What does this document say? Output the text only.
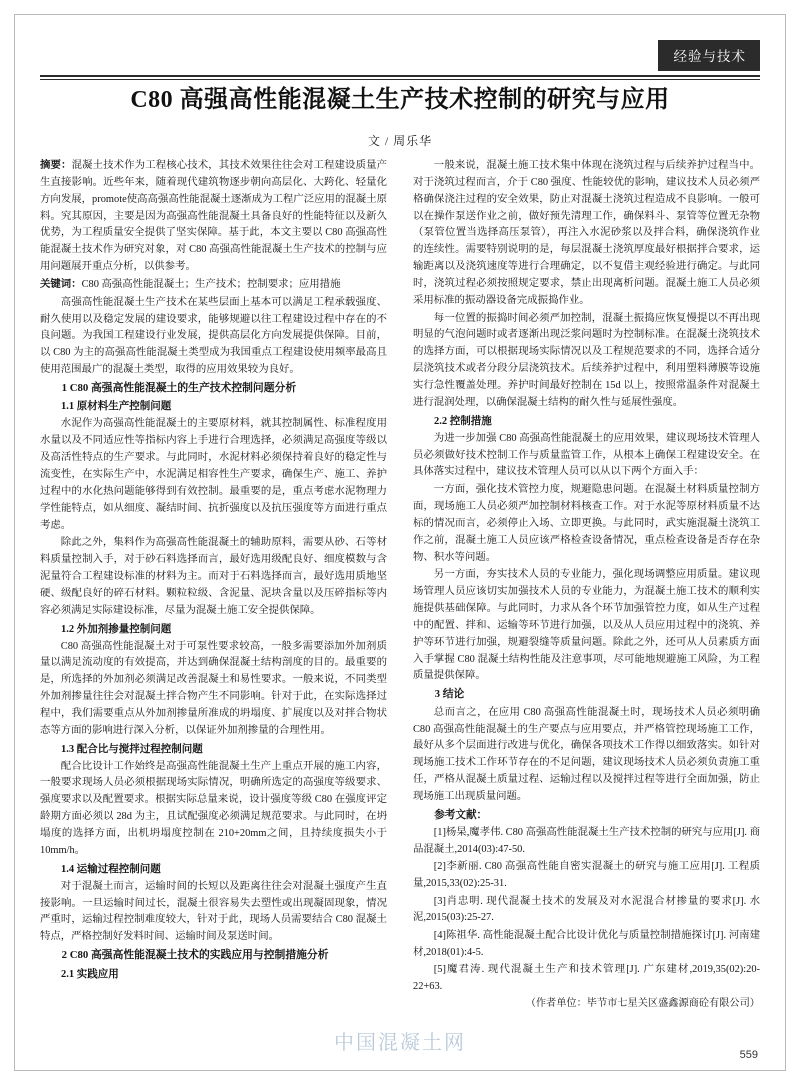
经验与技术
C80 高强高性能混凝土生产技术控制的研究与应用
文 / 周乐华

摘要：混凝土技术作为工程核心技术，其技术效果往往会对工程建设质量产生直接影响。近些年来，随着现代建筑物逐步朝向高层化、大跨化、轻量化方向发展，promote使高高强高性能混凝土逐渐成为工程广泛应用的混凝土原料。究其原因，主要是因为高强高性能混凝土具备良好的性能特征以及新久优势，为工程质量安全提供了坚实保障。基于此，本文主要以 C80 高强高性能混凝土技术作为研究对象，对 C80 高强高性能混凝土生产技术的控制与应用问题展开重点分析，以供参考。

关键词：C80 高强高性能混凝土；生产技术；控制要求；应用措施

高强高性能混凝土生产技术在某些层面上基本可以满足工程承载强度、耐久使用以及稳定发展的建设要求，能够规避以往工程建设过程中存在的不良问题。为我国工程建设行业发展，提供高层化方向发展提供保障。目前，以 C80 为主的高强高性能混凝土类型成为我国重点工程建设使用频率最高且使用范围最广的混凝土类型，取得的应用效果较为良好。

1 C80 高强高性能混凝土的生产技术控制问题分析

1.1 原材料生产控制问题

水泥作为高强高性能混凝土的主要原材料，就其控制属性、标准程度用水量以及不同适应性等指标内容上手进行合理选择，必须满足高强度等级以及高活性特点的生产要求。与此同时，水泥材料必须保持着良好的稳定性与流变性，在实际生产中，水泥满足相容性生产要求，确保生产、施工、养护过程中的水化热问题能够得到有效控制。最重要的是，重点考虑水泥物理力学性能特点，如从细度、凝结时间、抗折强度以及抗压强度等方面进行重点考虑。

除此之外，集料作为高强高性能混凝土的辅助原料，需要从砂、石等材料质量控制入手，对于砂石料选择而言，最好选用级配良好、细度模数与含泥量符合工程建设标准的材料为主。而对于石料选择而言，最好选用质地坚硬、级配良好的碎石材料。颗粒粒级、含泥量、泥块含量以及压碎指标等内容必须满足实际建设标准，尽量为混凝土施工安全提供保障。

1.2 外加剂掺量控制问题

C80 高强高性能混凝土对于可泵性要求较高，一般多需要添加外加剂质量以满足流动度的有效提高，并达到确保混凝土结构剖度的目的。最重要的是，所选择的外加剂必须满足改善混凝土和易性要求。一般来说，不同类型外加剂掺量往往会对混凝土拌合物产生不同影响。针对于此，在实际选择过程中，我们需要重点从外加剂掺量所准成的坍塌度、扩展度以及对拌合物状态等方面的影响进行深入分析，以保证外加剂掺量的合理性用。

1.3 配合比与搅拌过程控制问题

配合比设计工作始终是高强高性能混凝土生产上重点开展的施工内容，一般要求现场人员必须根据现场实际情况，明确所选定的高强度等级要求、强度要求以及配置要求。根据实际总量来说，设计强度等级 C80 在强度评定龄期方面必须以 28d 为主，且试配强度必须满足规范要求。与此同时，在坍塌度的选择方面，出机坍塌度控制在 210+20mm之间，且持续度损失小于 10mm/h。

1.4 运输过程控制问题

对于混凝土而言，运输时间的长短以及距离往往会对混凝土强度产生直接影响。一旦运输时间过长，混凝土很容易失去塑性或出现凝固现象，情况严重时，运输过程控制难度较大，针对于此，现场人员需要结合 C80 混凝土特点，严格控制好发料时间、运输时间及泵送时间。

2 C80 高强高性能混凝土技术的实践应用与控制措施分析

2.1 实践应用

一般来说，混凝土施工技术集中体现在浇筑过程与后续养护过程当中。对于浇筑过程而言，介于 C80 强度、性能较优的影响，建议技术人员必须严格确保浇注过程的安全效果，防止对混凝土浇筑过程造成不良影响。一般可以在操作泵送作业之前，做好预先清理工作，确保料斗、泵管等位置无杂物（泵管位置当选择高压泵管），再注入水泥砂浆以及拌合料，确保浇筑作业的连续性。需要特别说明的是，每层混凝土浇筑厚度最好根据拌合要求，运输距离以及浇筑速度等进行合理确定，以不复借主观经验进行确定。与此同时，浇筑过程必须按照规定要求，禁止出现离析问题。混凝土施工人员必须采用标准的振动器设备完成振捣作业。

每一位置的振捣时间必须严加控制，混凝土振捣应恢复慢提以不再出现明显的气泡问题时或者逐渐出现泛浆问题时为控制标准。在混凝土浇筑技术的选择方面，可以根据现场实际情况以及工程规范要求的不同，选择合适分层浇筑技术或者分段分层浇筑技术。后续养护过程中，利用塑料薄膜等设施实行急性覆盖处理。养护时间最好控制在 15d 以上，按照常温条件对混凝土进行混润处理，以确保混凝土结构的耐久性与延展性强度。

2.2 控制措施

为进一步加强 C80 高强高性能混凝土的应用效果，建议现场技术管理人员必须做好技术控制工作与质量监管工作，从根本上确保工程建设安全。在具体落实过程中，建议技术管理人员可以从以下两个方面入手：

一方面，强化技术管控力度，规避隐患问题。在混凝土材料质量控制方面，现场施工人员必须严加控制材料核查工作。对于水泥等原材料质量不达标的情况而言，必须停止入场、立即更换。与此同时，武实施混凝土浇筑工作之前，混凝土施工人员应该严格检查设备情况，重点检查设备是否存在杂物、积水等问题。

另一方面，夯实技术人员的专业能力，强化现场调整应用质量。建议现场管理人员应该切实加强技术人员的专业能力，为混凝土施工技术的顺利实施提供基础保障。与此同时，力求从各个环节加强管控力度，如从生产过程中的配置、拌和、运输等环节进行加强，以及从人员应用过程中的浇筑、养护等环节进行加强，规避裂缝等质量问题。除此之外，还可从人员素质方面入手掌握 C80 混凝土结构性能及注意事项，尽可能地规避施工风险，为工程质量提供保障。

3 结论

总而言之，在应用 C80 高强高性能混凝土时，现场技术人员必须明确 C80 高强高性能混凝土的生产要点与应用要点，并严格管控现场施工工作，最好从多个层面进行改进与优化，确保各项技术工作得以细致落实。如针对现场施工技术工作环节存在的不足问题，建议现场技术人员必须负责施工重任，严格从混凝土质量过程、运输过程以及搅拌过程等进行全面加强，防止现场施工出现质量问题。

参考文献：

[1]杨杲,魔孝伟. C80 高强高性能混凝土生产技术控制的研究与应用[J]. 商品混凝土,2014(03):47-50.

[2]李新丽. C80 高强高性能自密实混凝土的研究与施工应用[J]. 工程质量,2015,33(02):25-31.

[3]肖忠明. 现代混凝土技术的发展及对水泥混合材掺量的要求[J]. 水泥,2015(03):25-27.

[4]陈祖华. 高性能混凝土配合比设计优化与质量控制措施探讨[J]. 河南建材,2018(01):4-5.

[5]魔君涛. 现代混凝土生产和技术管理[J]. 广东建材,2019,35(02):20-22+63.

（作者单位：毕节市七星关区盛鑫源商砼有限公司）

中国混凝土网
559
